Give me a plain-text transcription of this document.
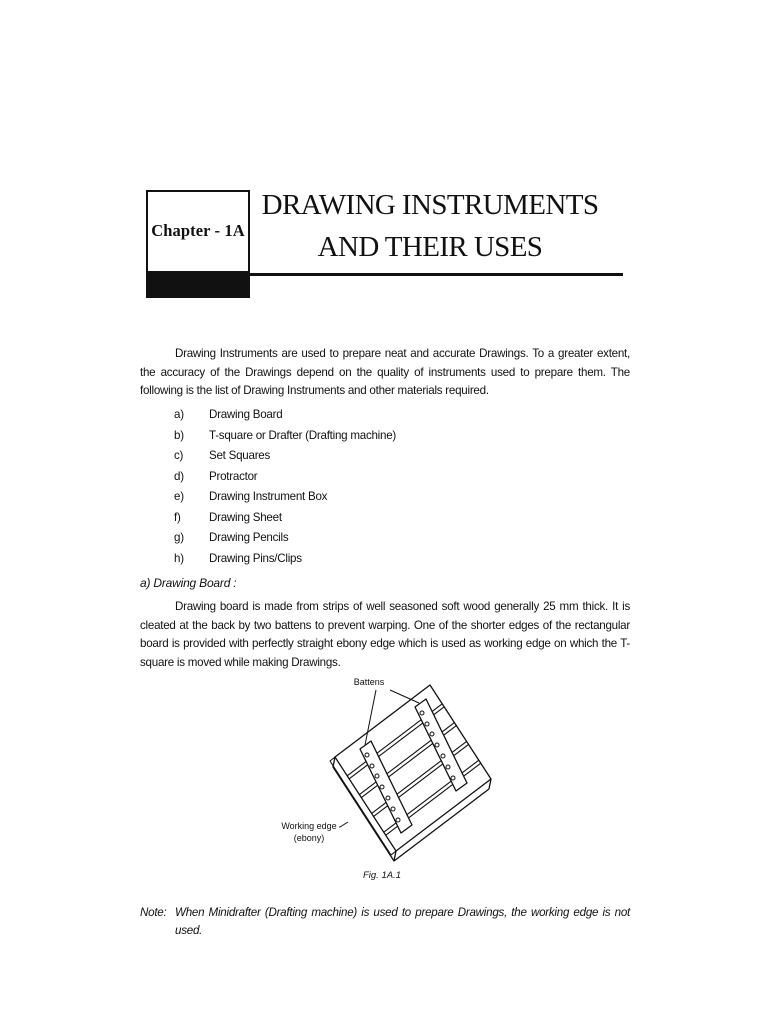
Chapter - 1A
DRAWING INSTRUMENTS
AND THEIR USES
Drawing Instruments are used to prepare neat and accurate Drawings. To a greater extent, the accuracy of the Drawings depend on the quality of instruments used to prepare them. The following is the list of Drawing Instruments and other materials required.
a) Drawing Board
b) T-square or Drafter (Drafting machine)
c) Set Squares
d) Protractor
e) Drawing Instrument Box
f) Drawing Sheet
g) Drawing Pencils
h) Drawing Pins/Clips
a) Drawing Board :
Drawing board is made from strips of well seasoned soft wood generally 25 mm thick. It is cleated at the back by two battens to prevent warping. One of the shorter edges of the rectangular board is provided with perfectly straight ebony edge which is used as working edge on which the T-square is moved while making Drawings.
Battens
Working edge
(ebony)
Fig. 1A.1
Note: When Minidrafter (Drafting machine) is used to prepare Drawings, the working edge is not used.
